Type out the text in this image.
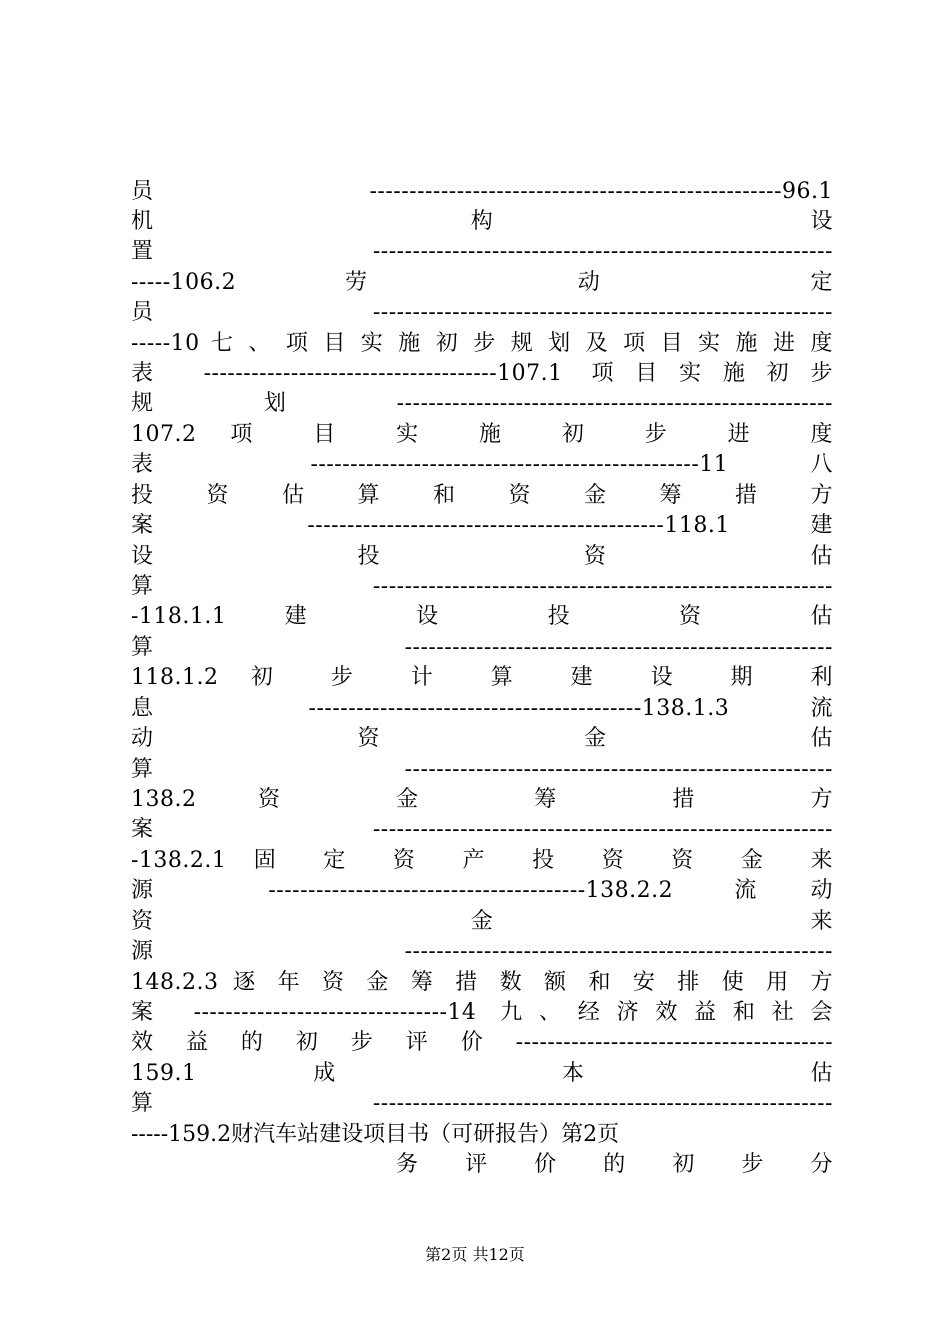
员 ----------------------------------------------------96.1
机 构 设
置 ----------------------------------------------------------
-----106.2 劳 动 定
员 ----------------------------------------------------------
-----10 七 、 项 目 实 施 初 步 规 划 及 项 目 实 施 进 度
表 -------------------------------------107.1 项目实施初步
规 划 -------------------------------------------------------
107.2 项 目 实 施 初 步 进 度
表 -------------------------------------------------11 八
投 资 估 算 和 资 金 筹 措 方
案 ---------------------------------------------118.1 建
设 投 资 估
算 ----------------------------------------------------------
-118.1.1 建 设 投 资 估
算 ------------------------------------------------------
118.1.2 初 步 计 算 建 设 期 利
息 ------------------------------------------138.1.3 流
动 资 金 估
算 ------------------------------------------------------
138.2 资 金 筹 措 方
案 ----------------------------------------------------------
-138.2.1 固 定 资 产 投 资 资 金 来
源 ----------------------------------------138.2.2 流动
资 金 来
源 ------------------------------------------------------
148.2.3 逐 年 资 金 筹 措 数 额 和 安 排 使 用 方
案 --------------------------------14 九、经济效益和社会
效 益 的 初 步 评 价 ----------------------------------------
159.1 成 本 估
算 ----------------------------------------------------------
-----159.2财汽车站建设项目书（可研报告）第2页
务 评 价 的 初 步 分
第2页 共12页
